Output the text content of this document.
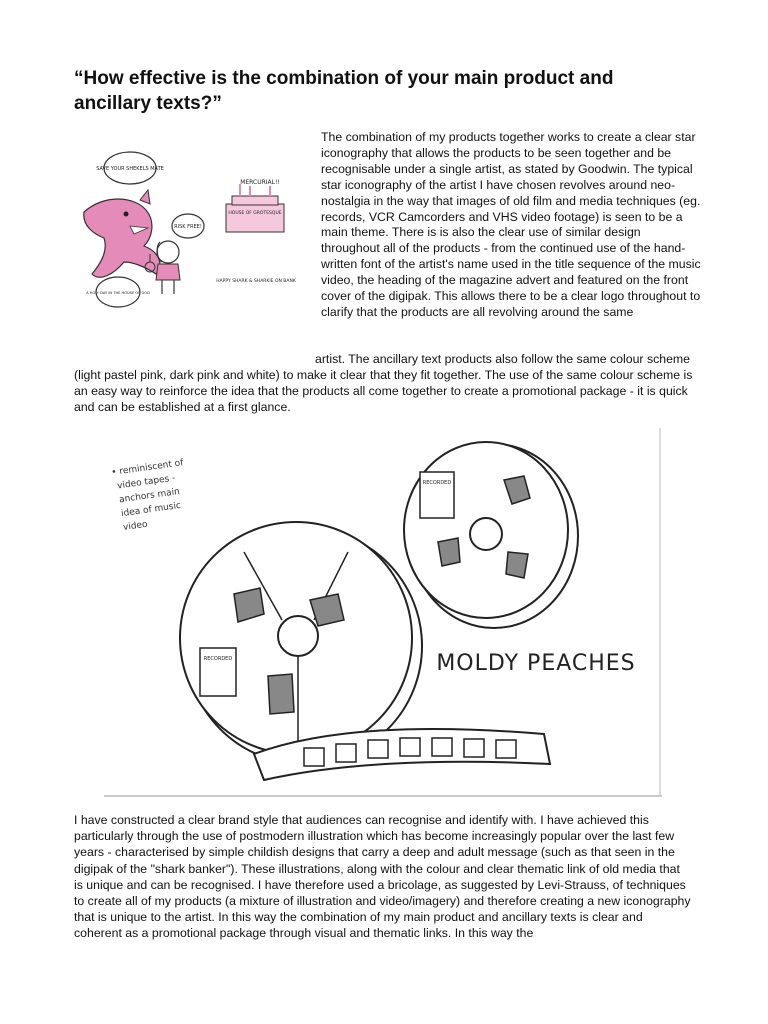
“How effective is the combination of your main product and ancillary texts?”
SAVE YOUR SHEKELS MATE
RISK FREE!
A HOLY DAY IN THE HOUSE OF GOD
MERCURIAL!!
HOUSE OF GROTESQUE
HAPPY SHARK & SHARKIE ON BANK

The combination of my products together works to create a clear star iconography that allows the products to be seen together and be recognisable under a single artist, as stated by Goodwin. The typical star iconography of the artist I have chosen revolves around neo-nostalgia in the way that images of old film and media techniques (eg. records, VCR Camcorders and VHS video footage) is seen to be a main theme. There is is also the clear use of similar design throughout all of the products - from the continued use of the hand-written font of the artist's name used in the title sequence of the music video, the heading of the magazine advert and featured on the front cover of the digipak. This allows there to be a clear logo throughout to clarify that the products are all revolving around the same

artist. The ancillary text products also follow the same colour scheme (light pastel pink, dark pink and white) to make it clear that they fit together. The use of the same colour scheme is an easy way to reinforce the idea that the products all come together to create a promotional package - it is quick and can be established at a first glance.

• reminiscent of
video tapes -
anchors main
idea of music
video
RECORDED
RECORDED	MOLDY PEACHES

I have constructed a clear brand style that audiences can recognise and identify with. I have achieved this particularly through the use of postmodern illustration which has become increasingly popular over the last few years - characterised by simple childish designs that carry a deep and adult message (such as that seen in the digipak of the "shark banker"). These illustrations, along with the colour and clear thematic link of old media that is unique and can be recognised. I have therefore used a bricolage, as suggested by Levi-Strauss, of techniques to create all of my products (a mixture of illustration and video/imagery) and therefore creating a new iconography that is unique to the artist. In this way the combination of my main product and ancillary texts is clear and coherent as a promotional package through visual and thematic links. In this way the
